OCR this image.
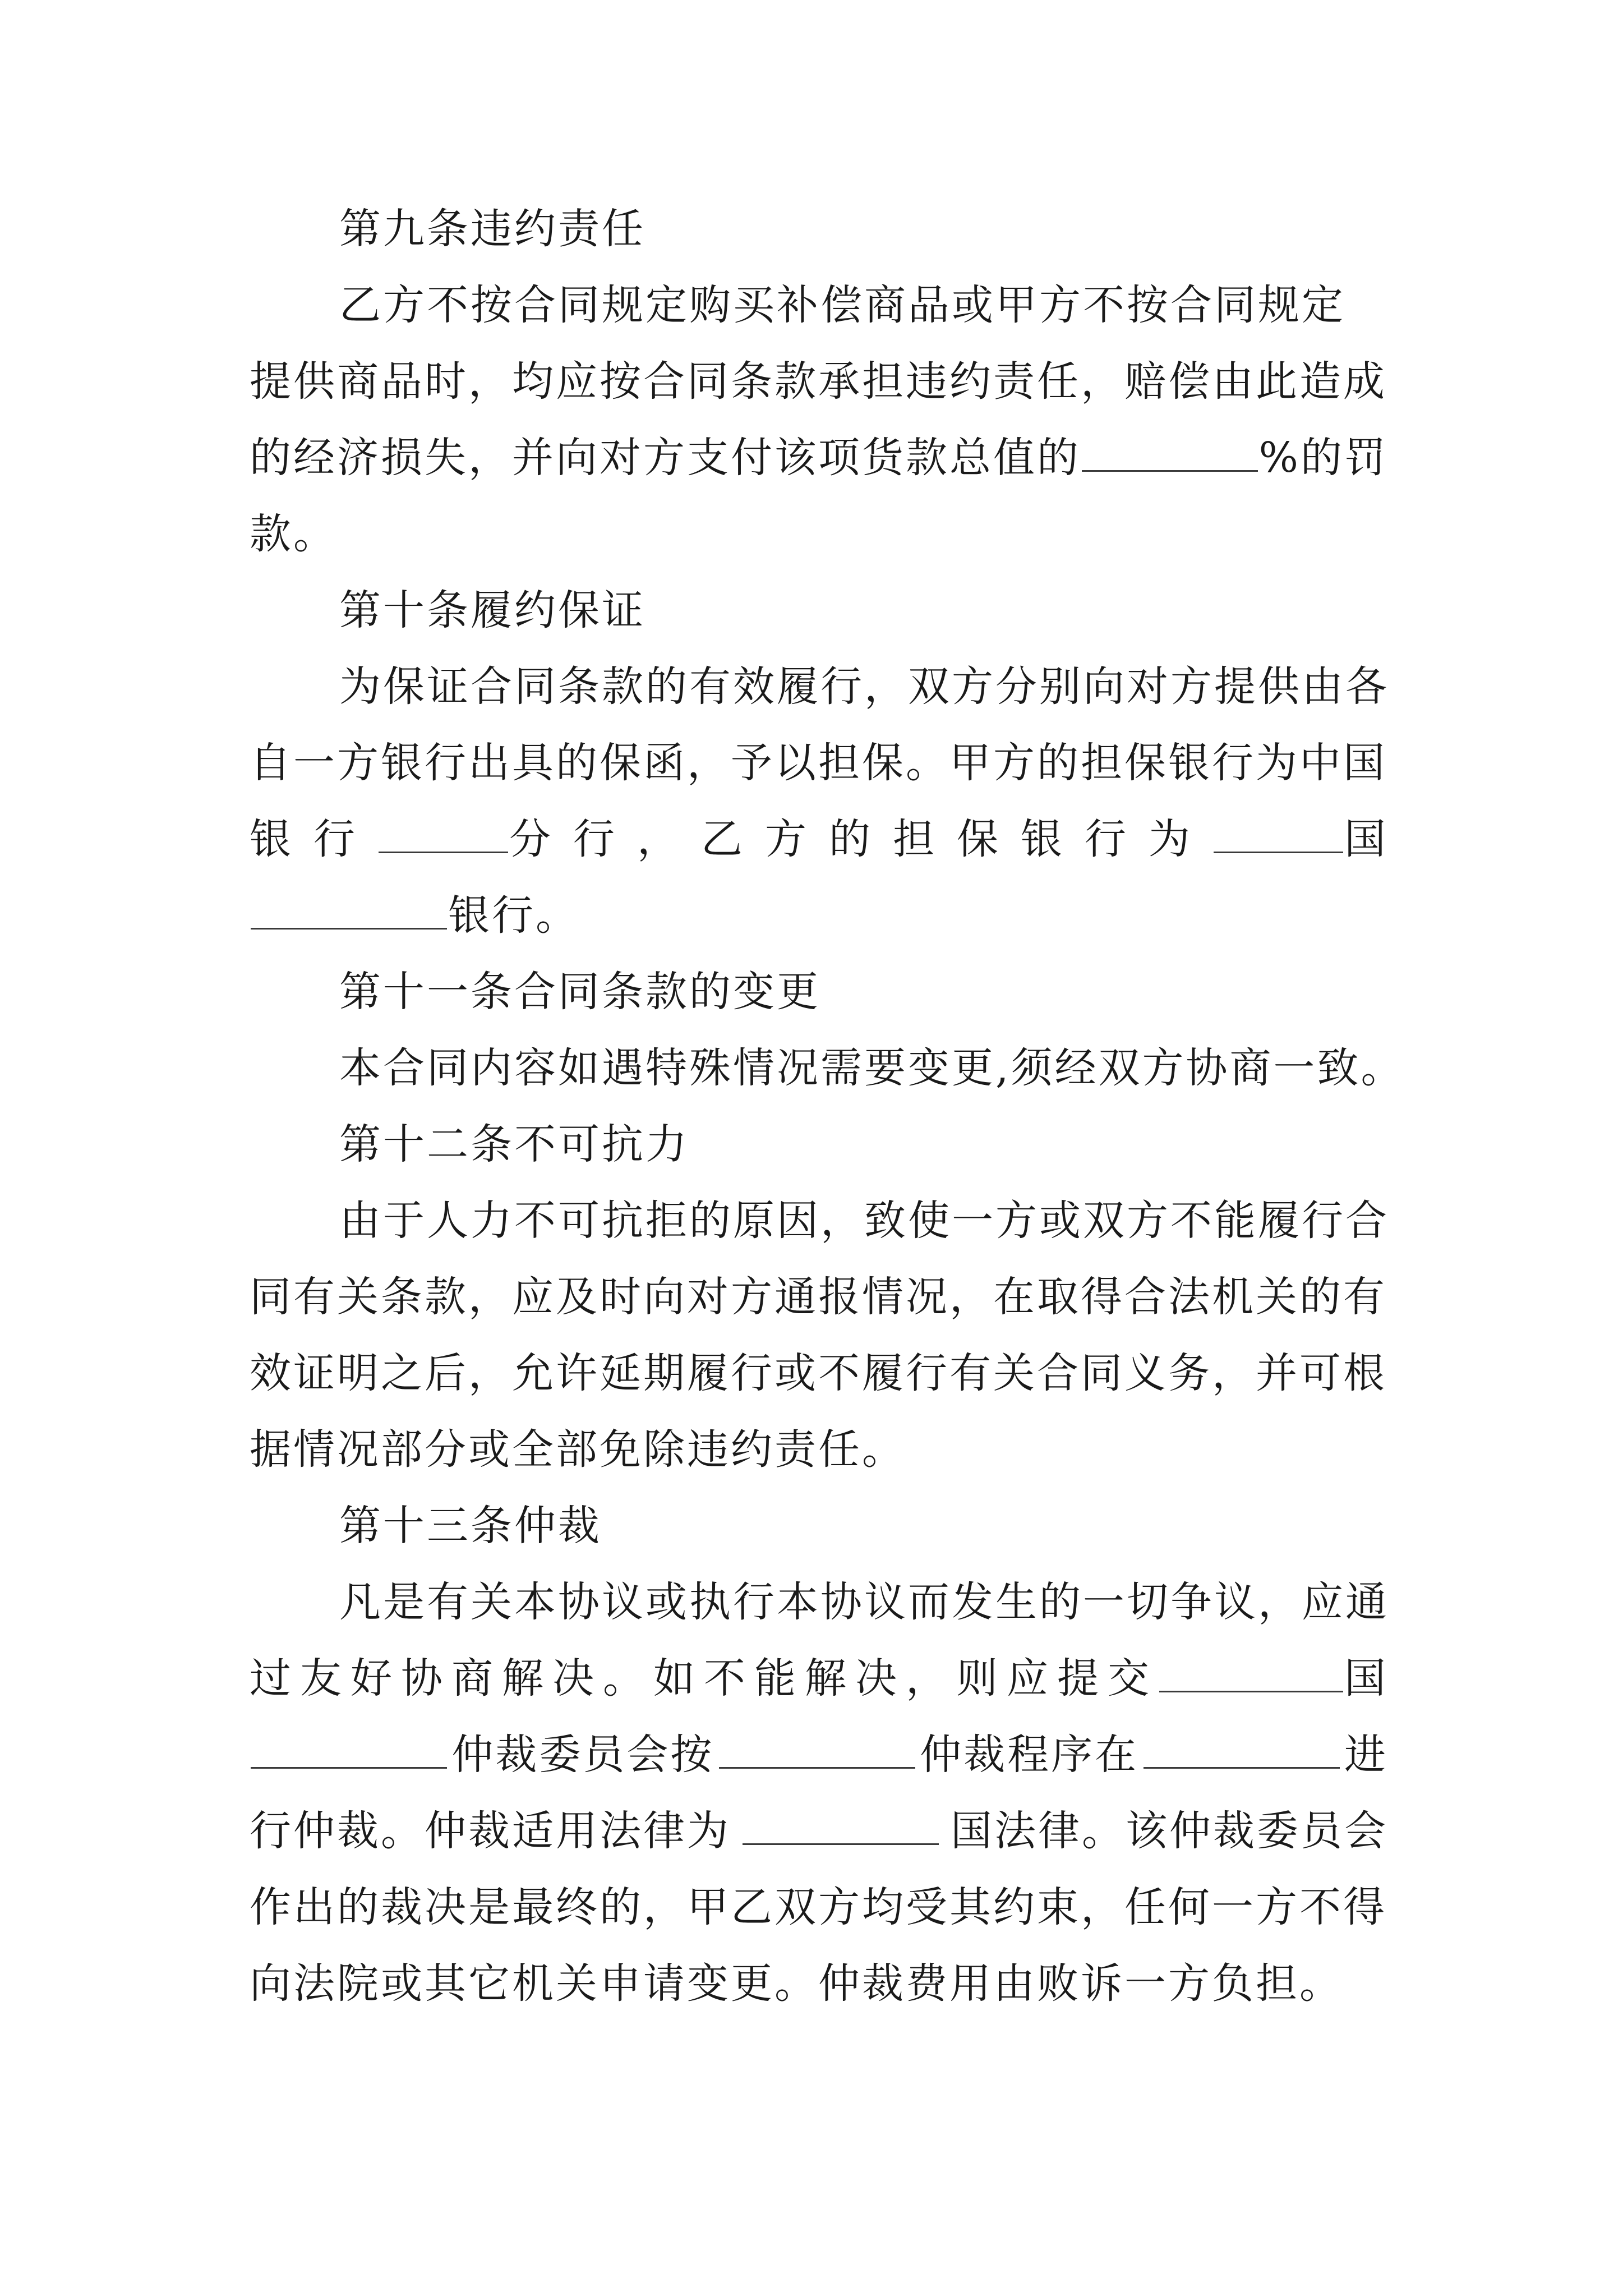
第九条违约责任
乙方不按合同规定购买补偿商品或甲方不按合同规定
提供商品时，均应按合同条款承担违约责任，赔偿由此造成
的经济损失，并向对方支付该项货款总值的	%的罚
款。
第十条履约保证
为保证合同条款的有效履行，双方分别向对方提供由各
自一方银行出具的保函，予以担保。甲方的担保银行为中国
银行	分行，乙方的担保银行为	国
银行。
第十一条合同条款的变更
本合同内容如遇特殊情况需要变更,须经双方协商一致。
第十二条不可抗力
由于人力不可抗拒的原因，致使一方或双方不能履行合
同有关条款，应及时向对方通报情况，在取得合法机关的有
效证明之后，允许延期履行或不履行有关合同义务，并可根
据情况部分或全部免除违约责任。
第十三条仲裁
凡是有关本协议或执行本协议而发生的一切争议，应通
过友好协商解决。如不能解决，则应提交	国
仲裁委员会按	仲裁程序在	进
行仲裁。仲裁适用法律为	国法律。该仲裁委员会
作出的裁决是最终的，甲乙双方均受其约束，任何一方不得
向法院或其它机关申请变更。仲裁费用由败诉一方负担。
